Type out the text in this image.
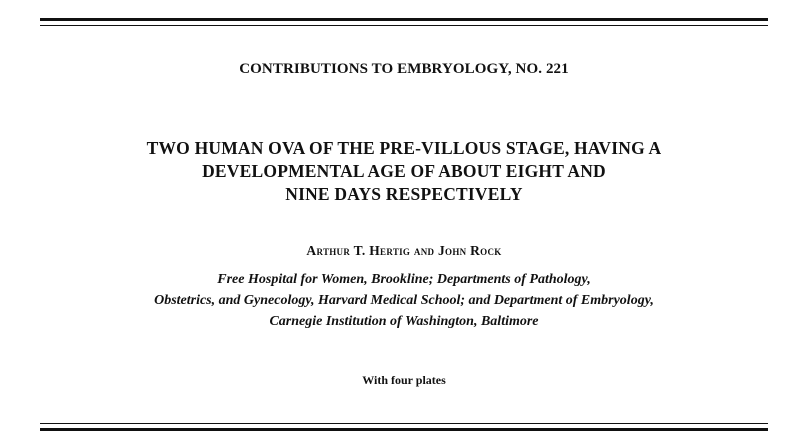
CONTRIBUTIONS TO EMBRYOLOGY, NO. 221
TWO HUMAN OVA OF THE PRE-VILLOUS STAGE, HAVING A
DEVELOPMENTAL AGE OF ABOUT EIGHT AND
NINE DAYS RESPECTIVELY
Arthur T. Hertig and John Rock
Free Hospital for Women, Brookline; Departments of Pathology,
Obstetrics, and Gynecology, Harvard Medical School; and Department of Embryology,
Carnegie Institution of Washington, Baltimore
With four plates
